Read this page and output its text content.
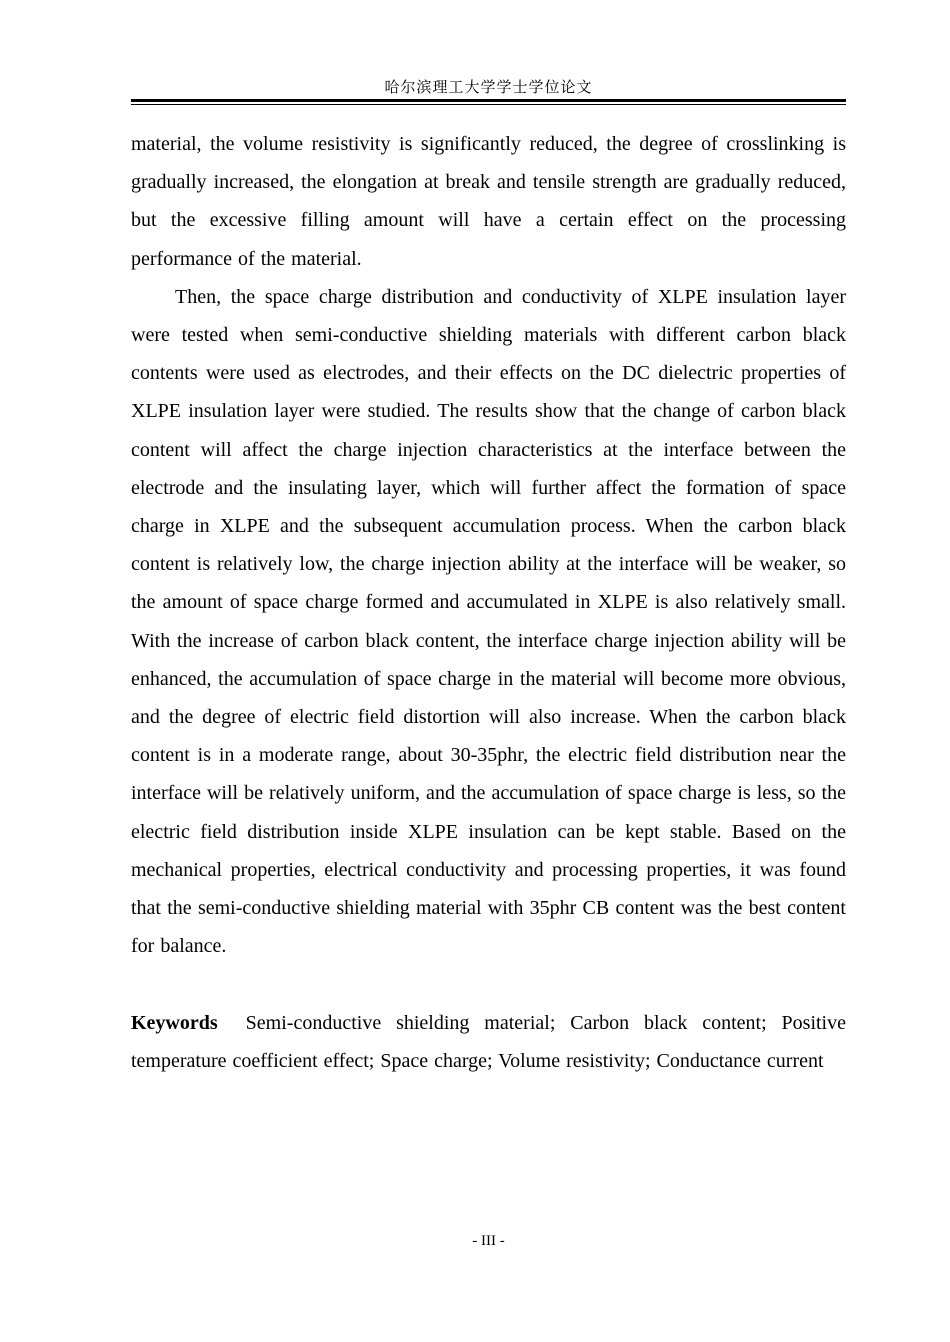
哈尔滨理工大学学士学位论文

material, the volume resistivity is significantly reduced, the degree of crosslinking is gradually increased, the elongation at break and tensile strength are gradually reduced, but the excessive filling amount will have a certain effect on the processing performance of the material.

Then, the space charge distribution and conductivity of XLPE insulation layer were tested when semi-conductive shielding materials with different carbon black contents were used as electrodes, and their effects on the DC dielectric properties of XLPE insulation layer were studied. The results show that the change of carbon black content will affect the charge injection characteristics at the interface between the electrode and the insulating layer, which will further affect the formation of space charge in XLPE and the subsequent accumulation process. When the carbon black content is relatively low, the charge injection ability at the interface will be weaker, so the amount of space charge formed and accumulated in XLPE is also relatively small. With the increase of carbon black content, the interface charge injection ability will be enhanced, the accumulation of space charge in the material will become more obvious, and the degree of electric field distortion will also increase. When the carbon black content is in a moderate range, about 30-35phr, the electric field distribution near the interface will be relatively uniform, and the accumulation of space charge is less, so the electric field distribution inside XLPE insulation can be kept stable. Based on the mechanical properties, electrical conductivity and processing properties, it was found that the semi-conductive shielding material with 35phr CB content was the best content for balance.

Keywords Semi-conductive shielding material; Carbon black content; Positive temperature coefficient effect; Space charge; Volume resistivity; Conductance current

- III -
